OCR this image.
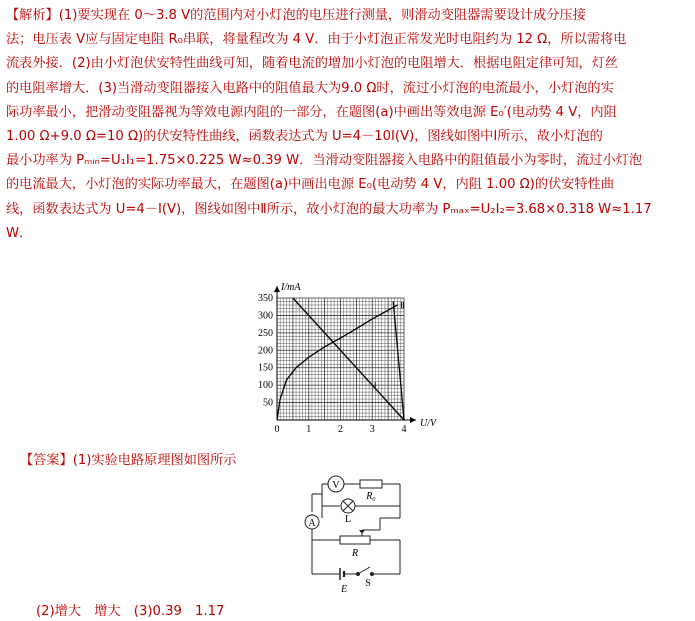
【解析】(1)要实现在 0～3.8 V的范围内对小灯泡的电压进行测量，则滑动变阻器需要设计成分压接

法；电压表 V应与固定电阻 R₀串联，将量程改为 4 V．由于小灯泡正常发光时电阻约为 12 Ω，所以需将电

流表外接．(2)由小灯泡伏安特性曲线可知，随着电流的增加小灯泡的电阻增大．根据电阻定律可知，灯丝

的电阻率增大．(3)当滑动变阻器接入电路中的阻值最大为9.0 Ω时，流过小灯泡的电流最小，小灯泡的实

际功率最小，把滑动变阻器视为等效电源内阻的一部分，在题图(a)中画出等效电源 E₀′(电动势 4 V，内阻

1.00 Ω+9.0 Ω=10 Ω)的伏安特性曲线，函数表达式为 U=4－10I(V)，图线如图中Ⅰ所示，故小灯泡的

最小功率为 Pₘᵢₙ=U₁I₁=1.75×0.225 W≈0.39 W．当滑动变阻器接入电路中的阻值最小为零时，流过小灯泡

的电流最大，小灯泡的实际功率最大，在题图(a)中画出电源 E₀(电动势 4 V，内阻 1.00 Ω)的伏安特性曲

线，函数表达式为 U=4－I(V)，图线如图中Ⅱ所示，故小灯泡的最大功率为 Pₘₐₓ=U₂I₂=3.68×0.318 W≈1.17

W．

0	1	2	3	4
50
100
150
200
250
300
350
I/mA
U/V
Ⅰ
Ⅱ
【答案】(1)实验电路原理图如图所示
V
A
R₀
L
R
E
S
(2)增大　增大　(3)0.39　1.17
